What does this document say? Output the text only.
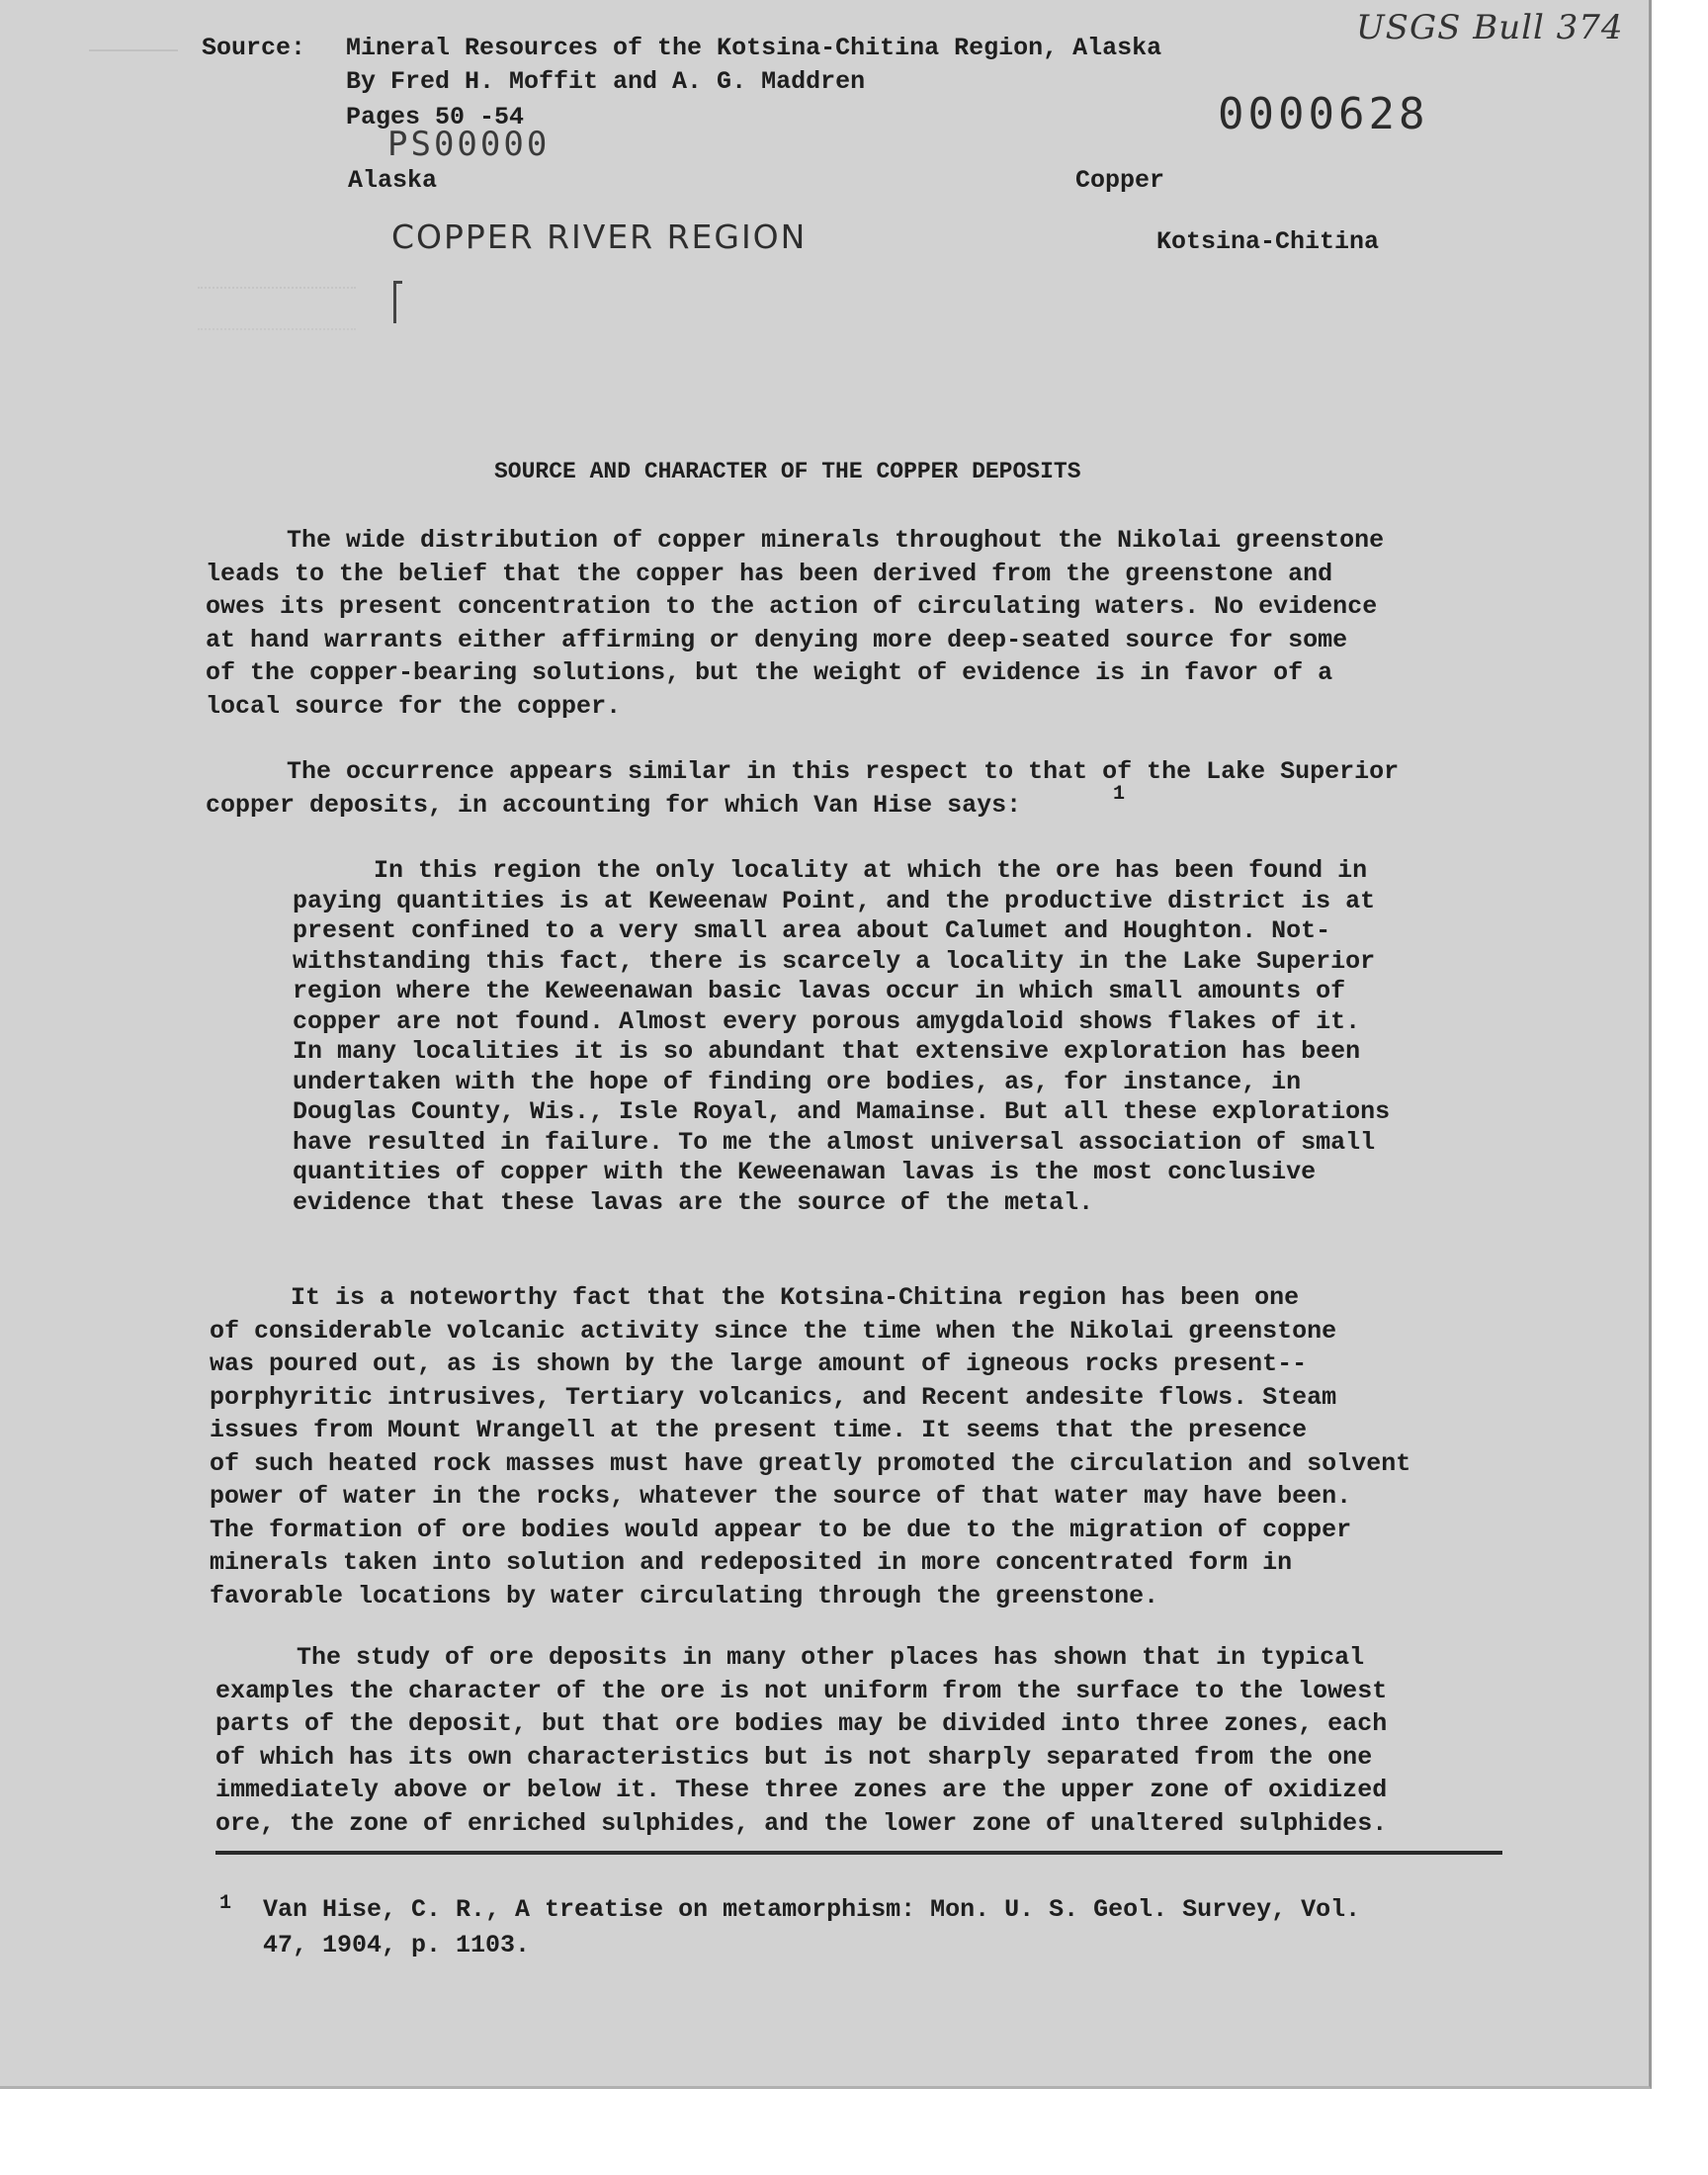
Source: Mineral Resources of the Kotsina-Chitina Region, Alaska
By Fred H. Moffit and A. G. Maddren
Pages 50 -54
PS00000
Alaska	Copper
Kotsina-Chitina
COPPER RIVER REGION
0000628
USGS Bull 374
SOURCE AND CHARACTER OF THE COPPER DEPOSITS
The wide distribution of copper minerals throughout the Nikolai greenstone
leads to the belief that the copper has been derived from the greenstone and
owes its present concentration to the action of circulating waters. No evidence
at hand warrants either affirming or denying more deep-seated source for some
of the copper-bearing solutions, but the weight of evidence is in favor of a
local source for the copper.
The occurrence appears similar in this respect to that of the Lake Superior
copper deposits, in accounting for which Van Hise says:	1
In this region the only locality at which the ore has been found in
paying quantities is at Keweenaw Point, and the productive district is at
present confined to a very small area about Calumet and Houghton. Not-
withstanding this fact, there is scarcely a locality in the Lake Superior
region where the Keweenawan basic lavas occur in which small amounts of
copper are not found. Almost every porous amygdaloid shows flakes of it.
In many localities it is so abundant that extensive exploration has been
undertaken with the hope of finding ore bodies, as, for instance, in
Douglas County, Wis., Isle Royal, and Mamainse. But all these explorations
have resulted in failure. To me the almost universal association of small
quantities of copper with the Keweenawan lavas is the most conclusive
evidence that these lavas are the source of the metal.
It is a noteworthy fact that the Kotsina-Chitina region has been one
of considerable volcanic activity since the time when the Nikolai greenstone
was poured out, as is shown by the large amount of igneous rocks present--
porphyritic intrusives, Tertiary volcanics, and Recent andesite flows. Steam
issues from Mount Wrangell at the present time. It seems that the presence
of such heated rock masses must have greatly promoted the circulation and solvent
power of water in the rocks, whatever the source of that water may have been.
The formation of ore bodies would appear to be due to the migration of copper
minerals taken into solution and redeposited in more concentrated form in
favorable locations by water circulating through the greenstone.
The study of ore deposits in many other places has shown that in typical
examples the character of the ore is not uniform from the surface to the lowest
parts of the deposit, but that ore bodies may be divided into three zones, each
of which has its own characteristics but is not sharply separated from the one
immediately above or below it. These three zones are the upper zone of oxidized
ore, the zone of enriched sulphides, and the lower zone of unaltered sulphides.
1 Van Hise, C. R., A treatise on metamorphism: Mon. U. S. Geol. Survey, Vol.
47, 1904, p. 1103.
